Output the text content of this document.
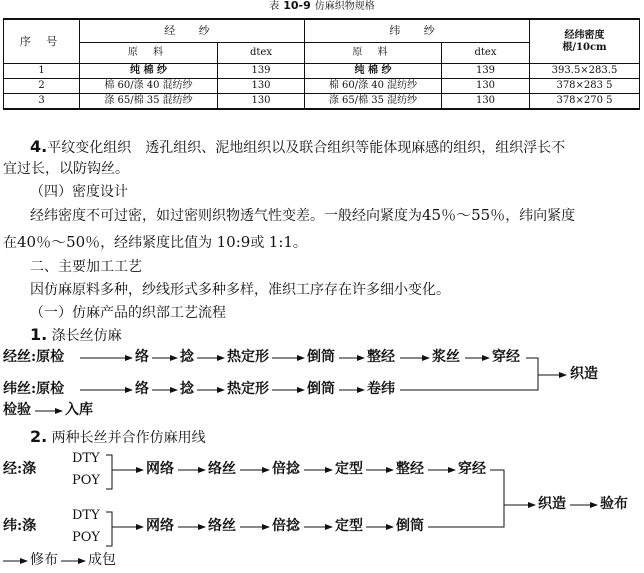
表 10-9 仿麻织物规格
序 号	经 纱		纬 纱		经纬密度
根/10cm
	原 料	dtex	原 料	dtex	
1	纯 棉 纱	139	纯 棉 纱	139	393.5×283.5
2	棉 60/涤 40 混纺纱	130	棉 60/涤 40 混纺纱	130	378×283 5
3	涤 65/棉 35 混纺纱	130	涤 65/棉 35 混纺纱	130	378×270 5

4.平纹变化组织　透孔组织、泥地组织以及联合组织等能体现麻感的组织，组织浮长不

宜过长，以防钩丝。

（四）密度设计

经纬密度不可过密，如过密则织物透气性变差。一般经向紧度为45％～55％，纬向紧度

在40％～50％，经纬紧度比值为 10:9或 1:1。

二、主要加工工艺

因仿麻原料多种，纱线形式多种多样，准织工序存在许多细小变化。

（一）仿麻产品的织部工艺流程

1. 涤长丝仿麻

经丝:原检	络 捻 热定形	倒筒 整经	浆丝 穿经
纬丝:原检	络 捻 热定形	倒筒 卷纬
织造
检验 入库

2. 两种长丝并合作仿麻用线

经:涤
DTY
POY
网络 络丝	倍捻	定型 整经 穿经
纬:涤
DTY
POY
网络 络丝	倍捻	定型 倒筒
织造 验布
修布 成包
